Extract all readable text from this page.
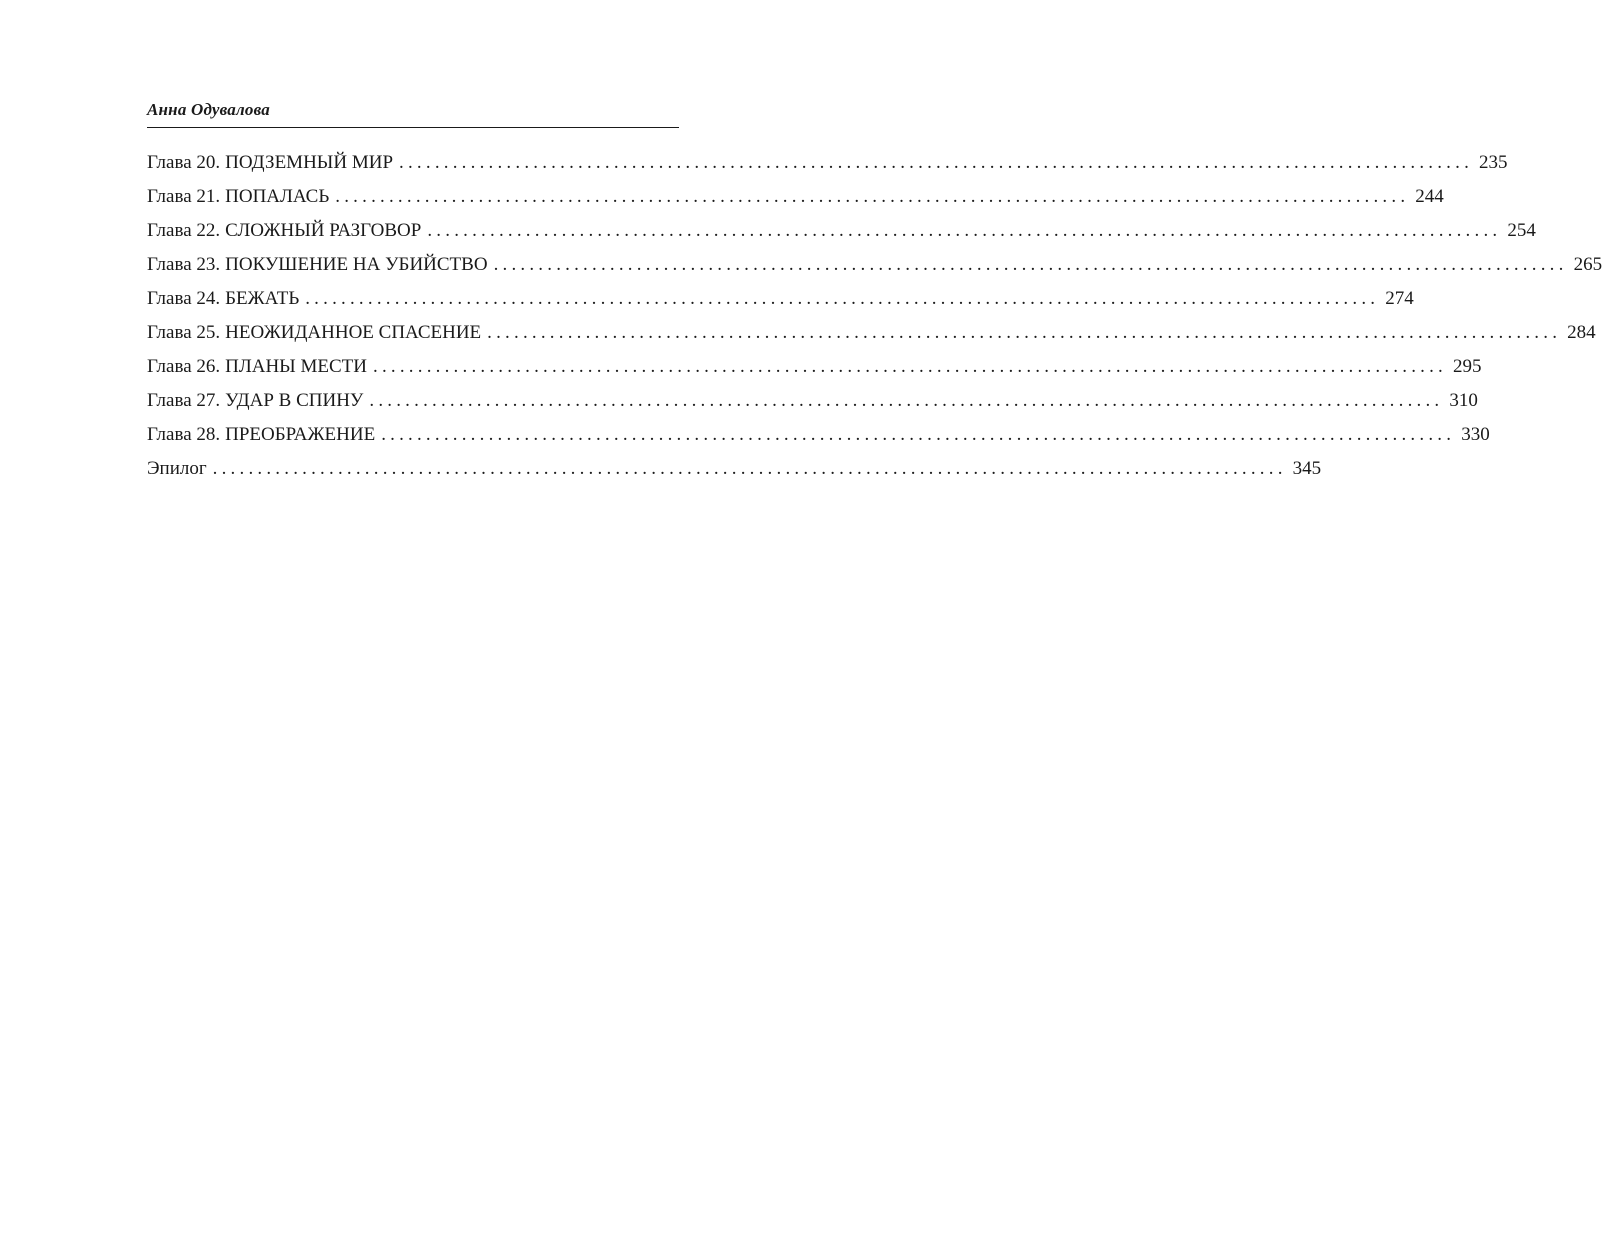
Анна Одувалова
Глава 20. ПОДЗЕМНЫЙ МИР ........................................................................................................................ 235
Глава 21. ПОПАЛАСЬ ........................................................................................................................ 244
Глава 22. СЛОЖНЫЙ РАЗГОВОР ........................................................................................................................ 254
Глава 23. ПОКУШЕНИЕ НА УБИЙСТВО ........................................................................................................................ 265
Глава 24. БЕЖАТЬ ........................................................................................................................ 274
Глава 25. НЕОЖИДАННОЕ СПАСЕНИЕ ........................................................................................................................ 284
Глава 26. ПЛАНЫ МЕСТИ ........................................................................................................................ 295
Глава 27. УДАР В СПИНУ ........................................................................................................................ 310
Глава 28. ПРЕОБРАЖЕНИЕ ........................................................................................................................ 330
Эпилог ........................................................................................................................ 345
